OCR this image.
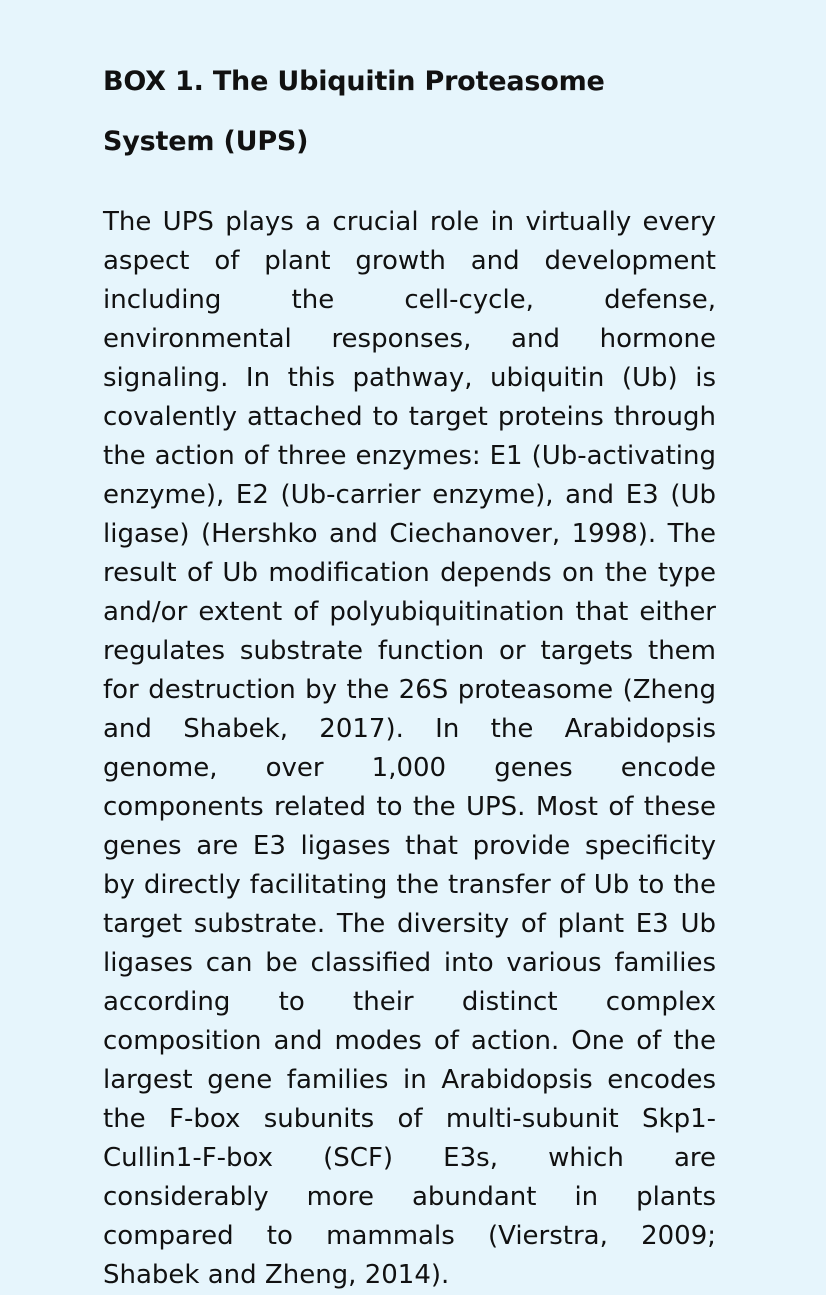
BOX 1. The Ubiquitin Proteasome System (UPS)

The UPS plays a crucial role in virtually every aspect of plant growth and development including the cell-cycle, defense, environmental responses, and hormone signaling. In this pathway, ubiquitin (Ub) is covalently attached to target proteins through the action of three enzymes: E1 (Ub-activating enzyme), E2 (Ub-carrier enzyme), and E3 (Ub ligase) (Hershko and Ciechanover, 1998). The result of Ub modification depends on the type and/or extent of polyubiquitination that either regulates substrate function or targets them for destruction by the 26S proteasome (Zheng and Shabek, 2017). In the Arabidopsis genome, over 1,000 genes encode components related to the UPS. Most of these genes are E3 ligases that provide specificity by directly facilitating the transfer of Ub to the target substrate. The diversity of plant E3 Ub ligases can be classified into various families according to their distinct complex composition and modes of action. One of the largest gene families in Arabidopsis encodes the F-box subunits of multi-subunit Skp1-Cullin1-F-box (SCF) E3s, which are considerably more abundant in plants compared to mammals (Vierstra, 2009; Shabek and Zheng, 2014).
